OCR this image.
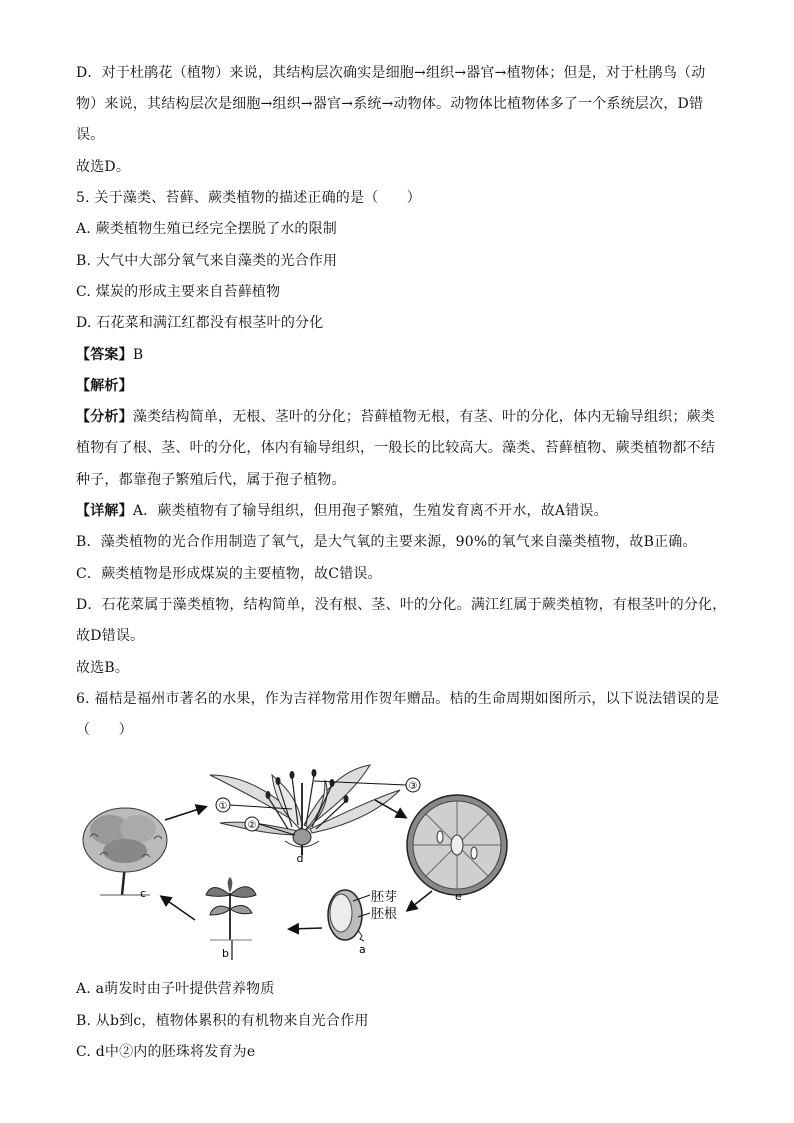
D．对于杜鹃花（植物）来说，其结构层次确实是细胞→组织→器官→植物体；但是，对于杜鹃鸟（动
物）来说，其结构层次是细胞→组织→器官→系统→动物体。动物体比植物体多了一个系统层次，D错
误。
故选D。
5. 关于藻类、苔藓、蕨类植物的描述正确的是（　　）
A. 蕨类植物生殖已经完全摆脱了水的限制
B. 大气中大部分氧气来自藻类的光合作用
C. 煤炭的形成主要来自苔藓植物
D. 石花菜和满江红都没有根茎叶的分化
【答案】B
【解析】
【分析】藻类结构简单，无根、茎叶的分化；苔藓植物无根，有茎、叶的分化，体内无输导组织；蕨类
植物有了根、茎、叶的分化，体内有输导组织，一般长的比较高大。藻类、苔藓植物、蕨类植物都不结
种子，都靠孢子繁殖后代，属于孢子植物。
【详解】A．蕨类植物有了输导组织，但用孢子繁殖，生殖发育离不开水，故A错误。
B．藻类植物的光合作用制造了氧气，是大气氧的主要来源，90%的氧气来自藻类植物，故B正确。
C．蕨类植物是形成煤炭的主要植物，故C错误。
D．石花菜属于藻类植物，结构简单，没有根、茎、叶的分化。满江红属于蕨类植物，有根茎叶的分化，
故D错误。
故选B。
6. 福桔是福州市著名的水果，作为吉祥物常用作贺年赠品。桔的生命周期如图所示，以下说法错误的是
（　　）
c
①
②
③
d
e
胚芽
胚根
a
b
A. a萌发时由子叶提供营养物质
B. 从b到c，植物体累积的有机物来自光合作用
C. d中②内的胚珠将发育为e
